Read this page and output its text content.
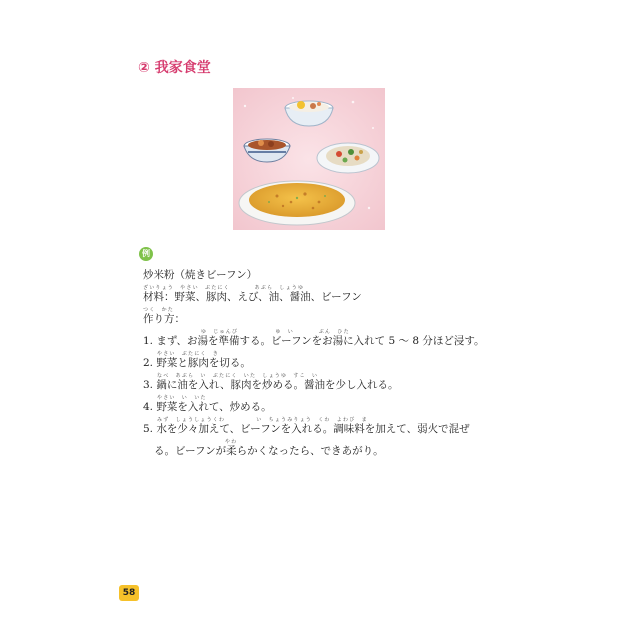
② 我家食堂
例
炒米粉（焼きビーフン）
ざいりょう　やさい　ぶたにく　　　　あぶら　しょうゆ
材料：野菜、豚肉、えび、油、醤油、ビーフン
つく　かた
作り方：
ゆ　じゅんび　　　　　　ゆ　い　　　　ぶん　ひた
1. まず、お湯を準備する。ビーフンをお湯に入れて 5 ～ 8 分ほど浸す。
やさい　ぶたにく　き
2. 野菜と豚肉を切る。
なべ　あぶら　い　ぶたにく　いた　しょうゆ　すこ　い
3. 鍋に油を入れ、豚肉を炒める。醤油を少し入れる。
やさい　い　いた
4. 野菜を入れて、炒める。
みず　しょうしょうくわ　　　　　い　ちょうみりょう　くわ　よわび　ま
5. 水を少々加えて、ビーフンを入れる。調味料を加えて、弱火で混ぜ
やわ
る。ビーフンが柔らかくなったら、できあがり。
58
